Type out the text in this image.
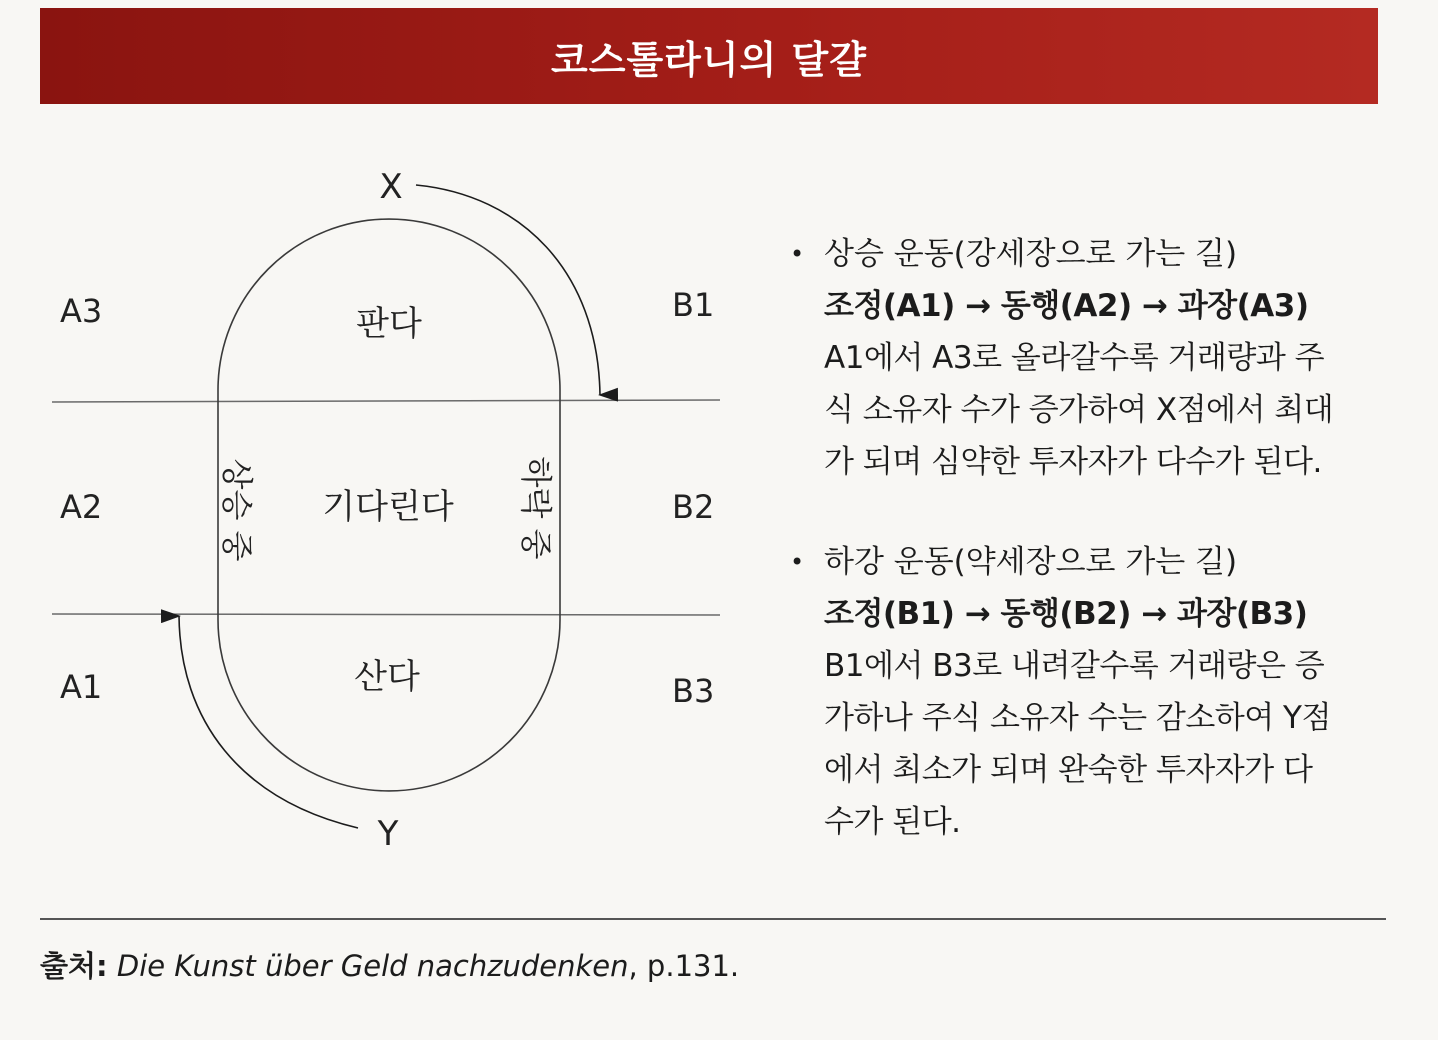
코스톨라니의 달걀
X
Y
A3
A2
A1
B1
B2
B3
판다
기다린다
산다
상승 중	하락 중
• 상승 운동(강세장으로 가는 길)
조정(A1) → 동행(A2) → 과장(A3)
A1에서 A3로 올라갈수록 거래량과 주
식 소유자 수가 증가하여 X점에서 최대
가 되며 심약한 투자자가 다수가 된다.
• 하강 운동(약세장으로 가는 길)
조정(B1) → 동행(B2) → 과장(B3)
B1에서 B3로 내려갈수록 거래량은 증
가하나 주식 소유자 수는 감소하여 Y점
에서 최소가 되며 완숙한 투자자가 다
수가 된다.
출처: Die Kunst über Geld nachzudenken, p.131.
